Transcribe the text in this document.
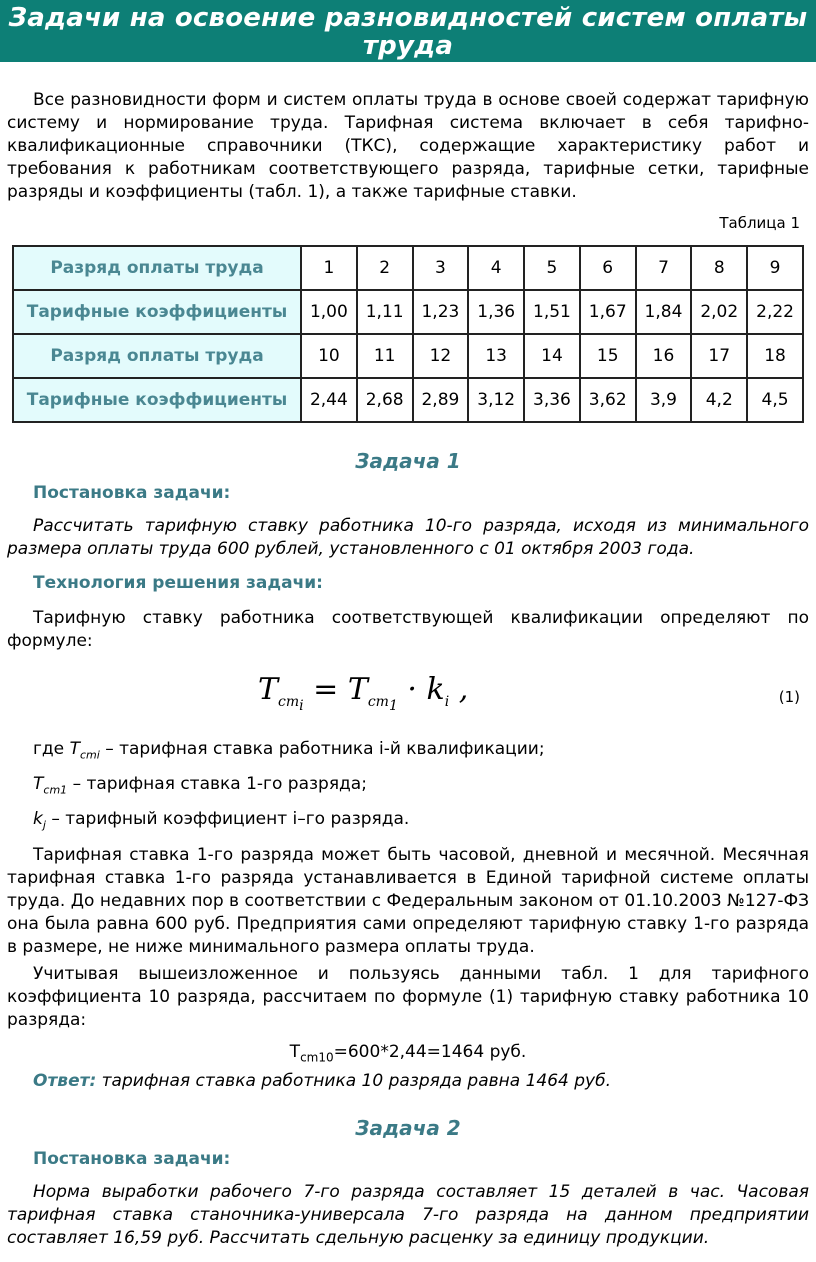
Задачи на освоение разновидностей систем оплаты труда
Все разновидности форм и систем оплаты труда в основе своей содержат тарифную систему и нормирование труда. Тарифная система включает в себя тарифно-квалификационные справочники (ТКС), содержащие характеристику работ и требования к работникам соответствующего разряда, тарифные сетки, тарифные разряды и коэффициенты (табл. 1), а также тарифные ставки.
Таблица 1
Разряд оплаты труда	1	2	3	4	5	6	7	8	9
Тарифные коэффициенты	1,00	1,11	1,23	1,36	1,51	1,67	1,84	2,02	2,22
Разряд оплаты труда	10	11	12	13	14	15	16	17	18
Тарифные коэффициенты	2,44	2,68	2,89	3,12	3,36	3,62	3,9	4,2	4,5
Задача 1
Постановка задачи:
Рассчитать тарифную ставку работника 10-го разряда, исходя из минимального размера оплаты труда 600 рублей, установленного с 01 октября 2003 года.
Технология решения задачи:
Тарифную ставку работника соответствующей квалификации определяют по формуле:
$T_{cm_i} = T_{cm_1} \cdot k_i$ ,	(1)
где $T_{cmi}$ – тарифная ставка работника i-й квалификации;
$T_{cm1}$ – тарифная ставка 1-го разряда;
$k_j$ – тарифный коэффициент i–го разряда.
Тарифная ставка 1-го разряда может быть часовой, дневной и месячной. Месячная тарифная ставка 1-го разряда устанавливается в Единой тарифной системе оплаты труда. До недавних пор в соответствии с Федеральным законом от 01.10.2003 №127-ФЗ она была равна 600 руб. Предприятия сами определяют тарифную ставку 1-го разряда в размере, не ниже минимального размера оплаты труда.
Учитывая вышеизложенное и пользуясь данными табл. 1 для тарифного коэффициента 10 разряда, рассчитаем по формуле (1) тарифную ставку работника 10 разряда:
$T_{cm10}=600*2,44=1464$ руб.
Ответ: тарифная ставка работника 10 разряда равна 1464 руб.
Задача 2
Постановка задачи:
Норма выработки рабочего 7-го разряда составляет 15 деталей в час. Часовая тарифная ставка станочника-универсала 7-го разряда на данном предприятии составляет 16,59 руб. Рассчитать сдельную расценку за единицу продукции.
